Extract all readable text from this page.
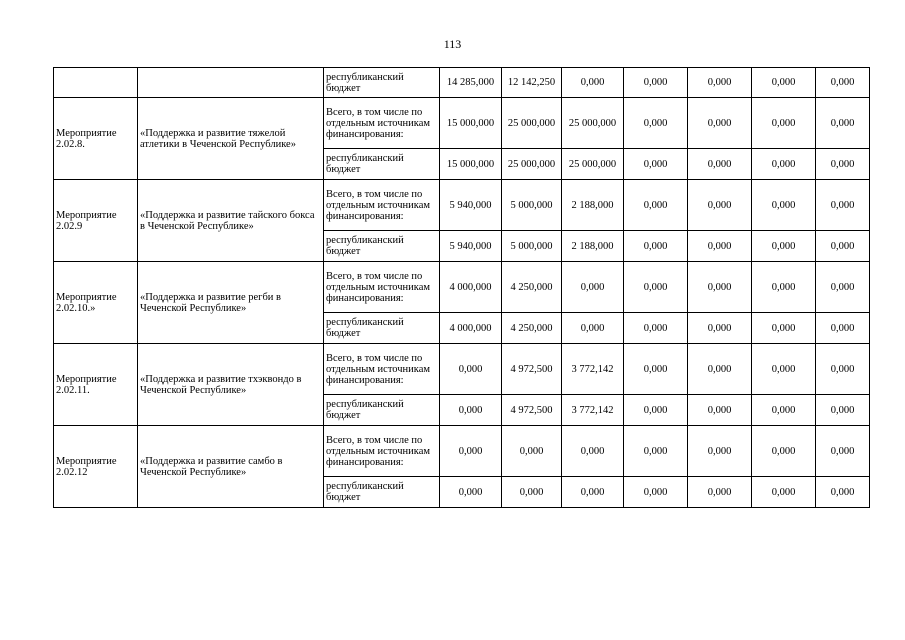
113
		республиканский бюджет	14 285,000	12 142,250	0,000	0,000	0,000	0,000	0,000
Мероприятие 2.02.8.	«Поддержка и развитие тяжелой атлетики в Чеченской Республике»	Всего, в том числе по отдельным источникам финансирования:	15 000,000	25 000,000	25 000,000	0,000	0,000	0,000	0,000
		республиканский бюджет	15 000,000	25 000,000	25 000,000	0,000	0,000	0,000	0,000
Мероприятие 2.02.9	«Поддержка и развитие тайского бокса в Чеченской Республике»	Всего, в том числе по отдельным источникам финансирования:	5 940,000	5 000,000	2 188,000	0,000	0,000	0,000	0,000
		республиканский бюджет	5 940,000	5 000,000	2 188,000	0,000	0,000	0,000	0,000
Мероприятие 2.02.10.»	«Поддержка и развитие регби в Чеченской Республике»	Всего, в том числе по отдельным источникам финансирования:	4 000,000	4 250,000	0,000	0,000	0,000	0,000	0,000
		республиканский бюджет	4 000,000	4 250,000	0,000	0,000	0,000	0,000	0,000
Мероприятие 2.02.11.	«Поддержка и развитие тхэквондо в Чеченской Республике»	Всего, в том числе по отдельным источникам финансирования:	0,000	4 972,500	3 772,142	0,000	0,000	0,000	0,000
		республиканский бюджет	0,000	4 972,500	3 772,142	0,000	0,000	0,000	0,000
Мероприятие 2.02.12	«Поддержка и развитие самбо в Чеченской Республике»	Всего, в том числе по отдельным источникам финансирования:	0,000	0,000	0,000	0,000	0,000	0,000	0,000
		республиканский бюджет	0,000	0,000	0,000	0,000	0,000	0,000	0,000
